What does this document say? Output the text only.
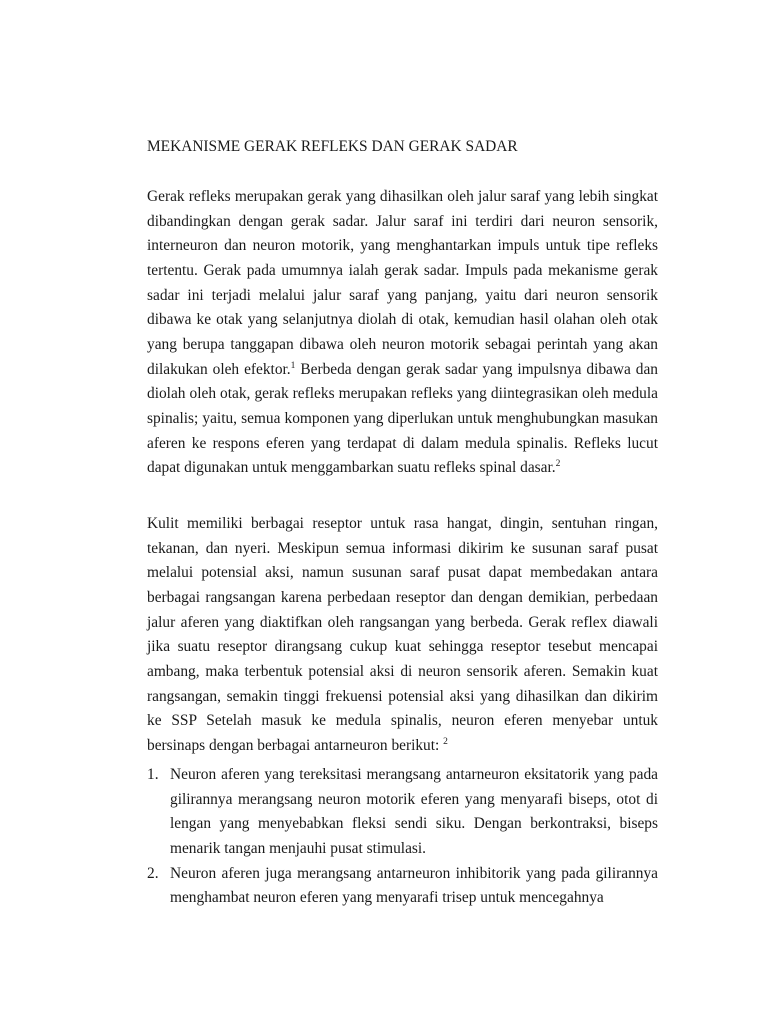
MEKANISME GERAK REFLEKS DAN GERAK SADAR

Gerak refleks merupakan gerak yang dihasilkan oleh jalur saraf yang lebih singkat dibandingkan dengan gerak sadar. Jalur saraf ini terdiri dari neuron sensorik, interneuron dan neuron motorik, yang menghantarkan impuls untuk tipe refleks tertentu. Gerak pada umumnya ialah gerak sadar. Impuls pada mekanisme gerak sadar ini terjadi melalui jalur saraf yang panjang, yaitu dari neuron sensorik dibawa ke otak yang selanjutnya diolah di otak, kemudian hasil olahan oleh otak yang berupa tanggapan dibawa oleh neuron motorik sebagai perintah yang akan dilakukan oleh efektor.$^1$ Berbeda dengan gerak sadar yang impulsnya dibawa dan diolah oleh otak, gerak refleks merupakan refleks yang diintegrasikan oleh medula spinalis; yaitu, semua komponen yang diperlukan untuk menghubungkan masukan aferen ke respons eferen yang terdapat di dalam medula spinalis. Refleks lucut dapat digunakan untuk menggambarkan suatu refleks spinal dasar.$^2$

Kulit memiliki berbagai reseptor untuk rasa hangat, dingin, sentuhan ringan, tekanan, dan nyeri. Meskipun semua informasi dikirim ke susunan saraf pusat melalui potensial aksi, namun susunan saraf pusat dapat membedakan antara berbagai rangsangan karena perbedaan reseptor dan dengan demikian, perbedaan jalur aferen yang diaktifkan oleh rangsangan yang berbeda. Gerak reflex diawali jika suatu reseptor dirangsang cukup kuat sehingga reseptor tesebut mencapai ambang, maka terbentuk potensial aksi di neuron sensorik aferen. Semakin kuat rangsangan, semakin tinggi frekuensi potensial aksi yang dihasilkan dan dikirim ke SSP Setelah masuk ke medula spinalis, neuron eferen menyebar untuk bersinaps dengan berbagai antarneuron berikut: $^2$

1. Neuron aferen yang tereksitasi merangsang antarneuron eksitatorik yang pada gilirannya merangsang neuron motorik eferen yang menyarafi biseps, otot di lengan yang menyebabkan fleksi sendi siku. Dengan berkontraksi, biseps menarik tangan menjauhi pusat stimulasi.
2. Neuron aferen juga merangsang antarneuron inhibitorik yang pada gilirannya menghambat neuron eferen yang menyarafi trisep untuk mencegahnya
